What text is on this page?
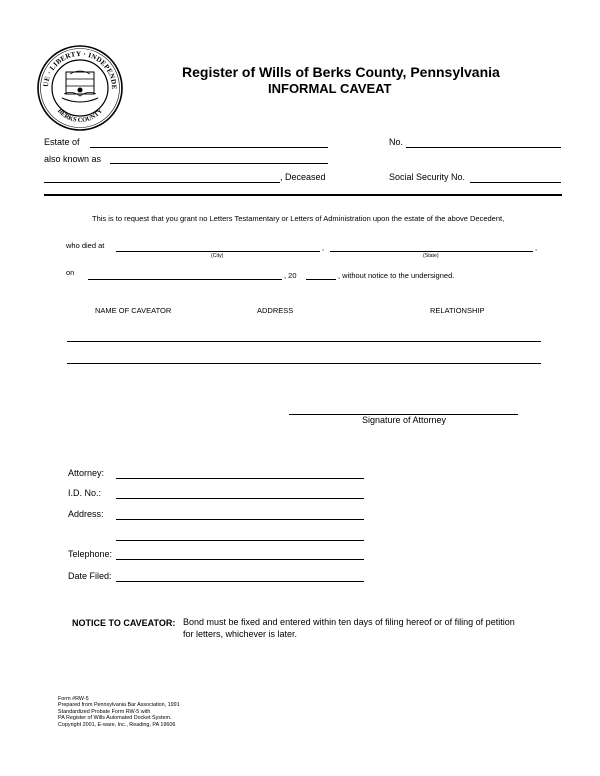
UE · LIBERTY · INDEPENDE
BERKS COUNTY
Register of Wills of Berks County, Pennsylvania
INFORMAL CAVEAT
Estate of	No.
also known as
, Deceased	Social Security No.
This is to request that you grant no Letters Testamentary or Letters of Administration upon the estate of the above Decedent,
who died at	,	,
(City)	(State)
on	, 20	, without notice to the undersigned.
NAME OF CAVEATOR	ADDRESS	RELATIONSHIP
Signature of Attorney
Attorney:
I.D. No.:
Address:
Telephone:
Date Filed:
NOTICE TO CAVEATOR: Bond must be fixed and entered within ten days of filing hereof or of filing of petition
for letters, whichever is later.
Form #RW-5
Prepared from Pennsylvania Bar Association, 1991
Standardized Probate Form RW-5 with
PA Register of Wills Automated Docket System.
Copyright 2001, E-ware, Inc., Reading, PA 19606
